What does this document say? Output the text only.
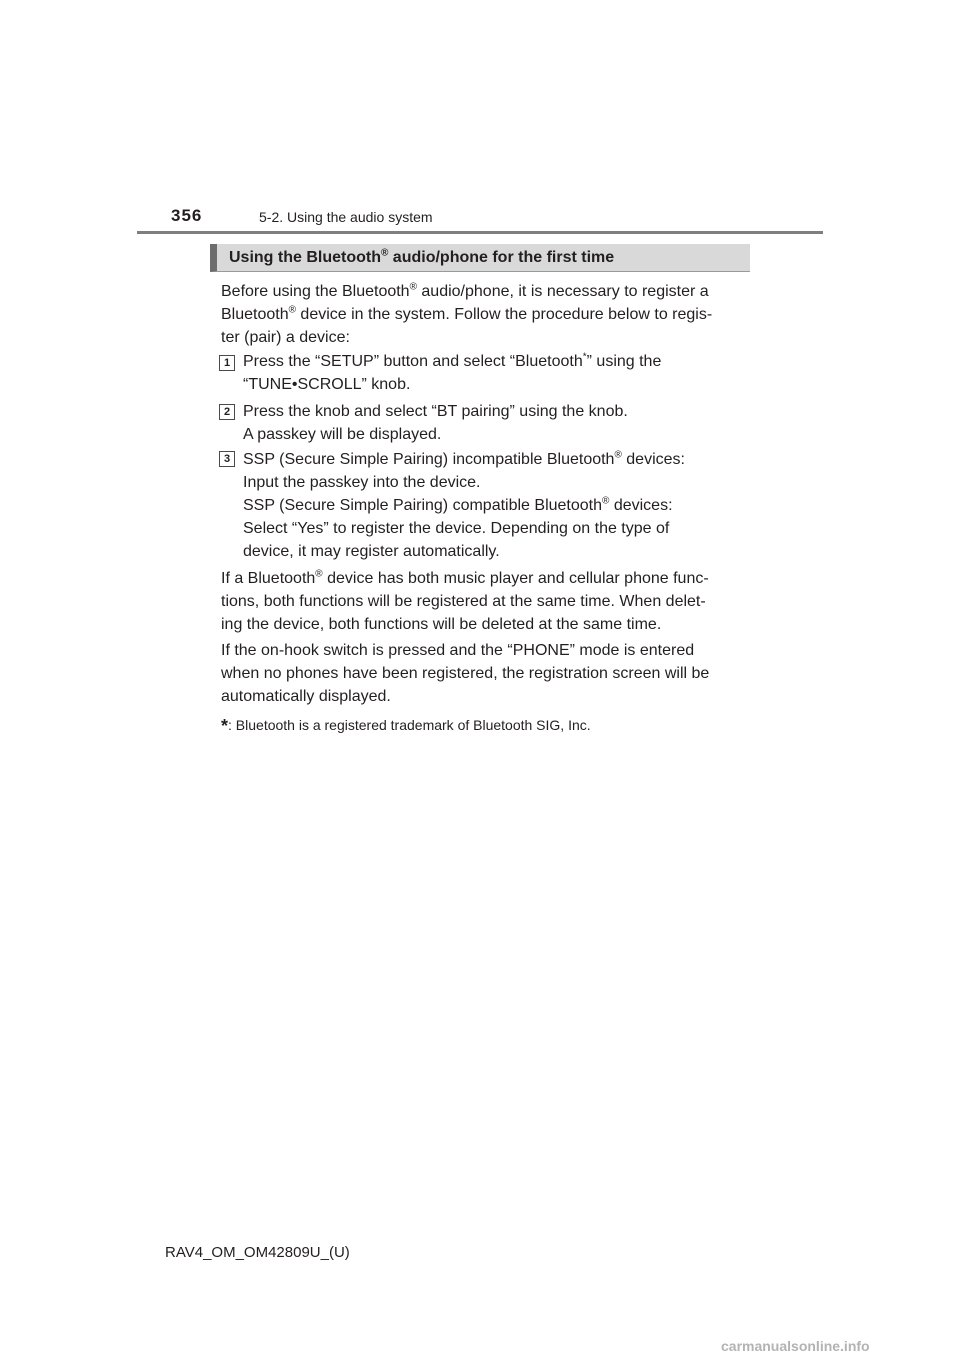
356	5-2. Using the audio system
Using the Bluetooth® audio/phone for the first time
Before using the Bluetooth® audio/phone, it is necessary to register a
Bluetooth® device in the system. Follow the procedure below to regis-
ter (pair) a device:
1 Press the “SETUP” button and select “Bluetooth*” using the
“TUNE•SCROLL” knob.
2 Press the knob and select “BT pairing” using the knob.
A passkey will be displayed.
3 SSP (Secure Simple Pairing) incompatible Bluetooth® devices:
Input the passkey into the device.
SSP (Secure Simple Pairing) compatible Bluetooth® devices:
Select “Yes” to register the device. Depending on the type of
device, it may register automatically.
If a Bluetooth® device has both music player and cellular phone func-
tions, both functions will be registered at the same time. When delet-
ing the device, both functions will be deleted at the same time.
If the on-hook switch is pressed and the “PHONE” mode is entered
when no phones have been registered, the registration screen will be
automatically displayed.
*: Bluetooth is a registered trademark of Bluetooth SIG, Inc.
RAV4_OM_OM42809U_(U)
carmanualsonline.info
